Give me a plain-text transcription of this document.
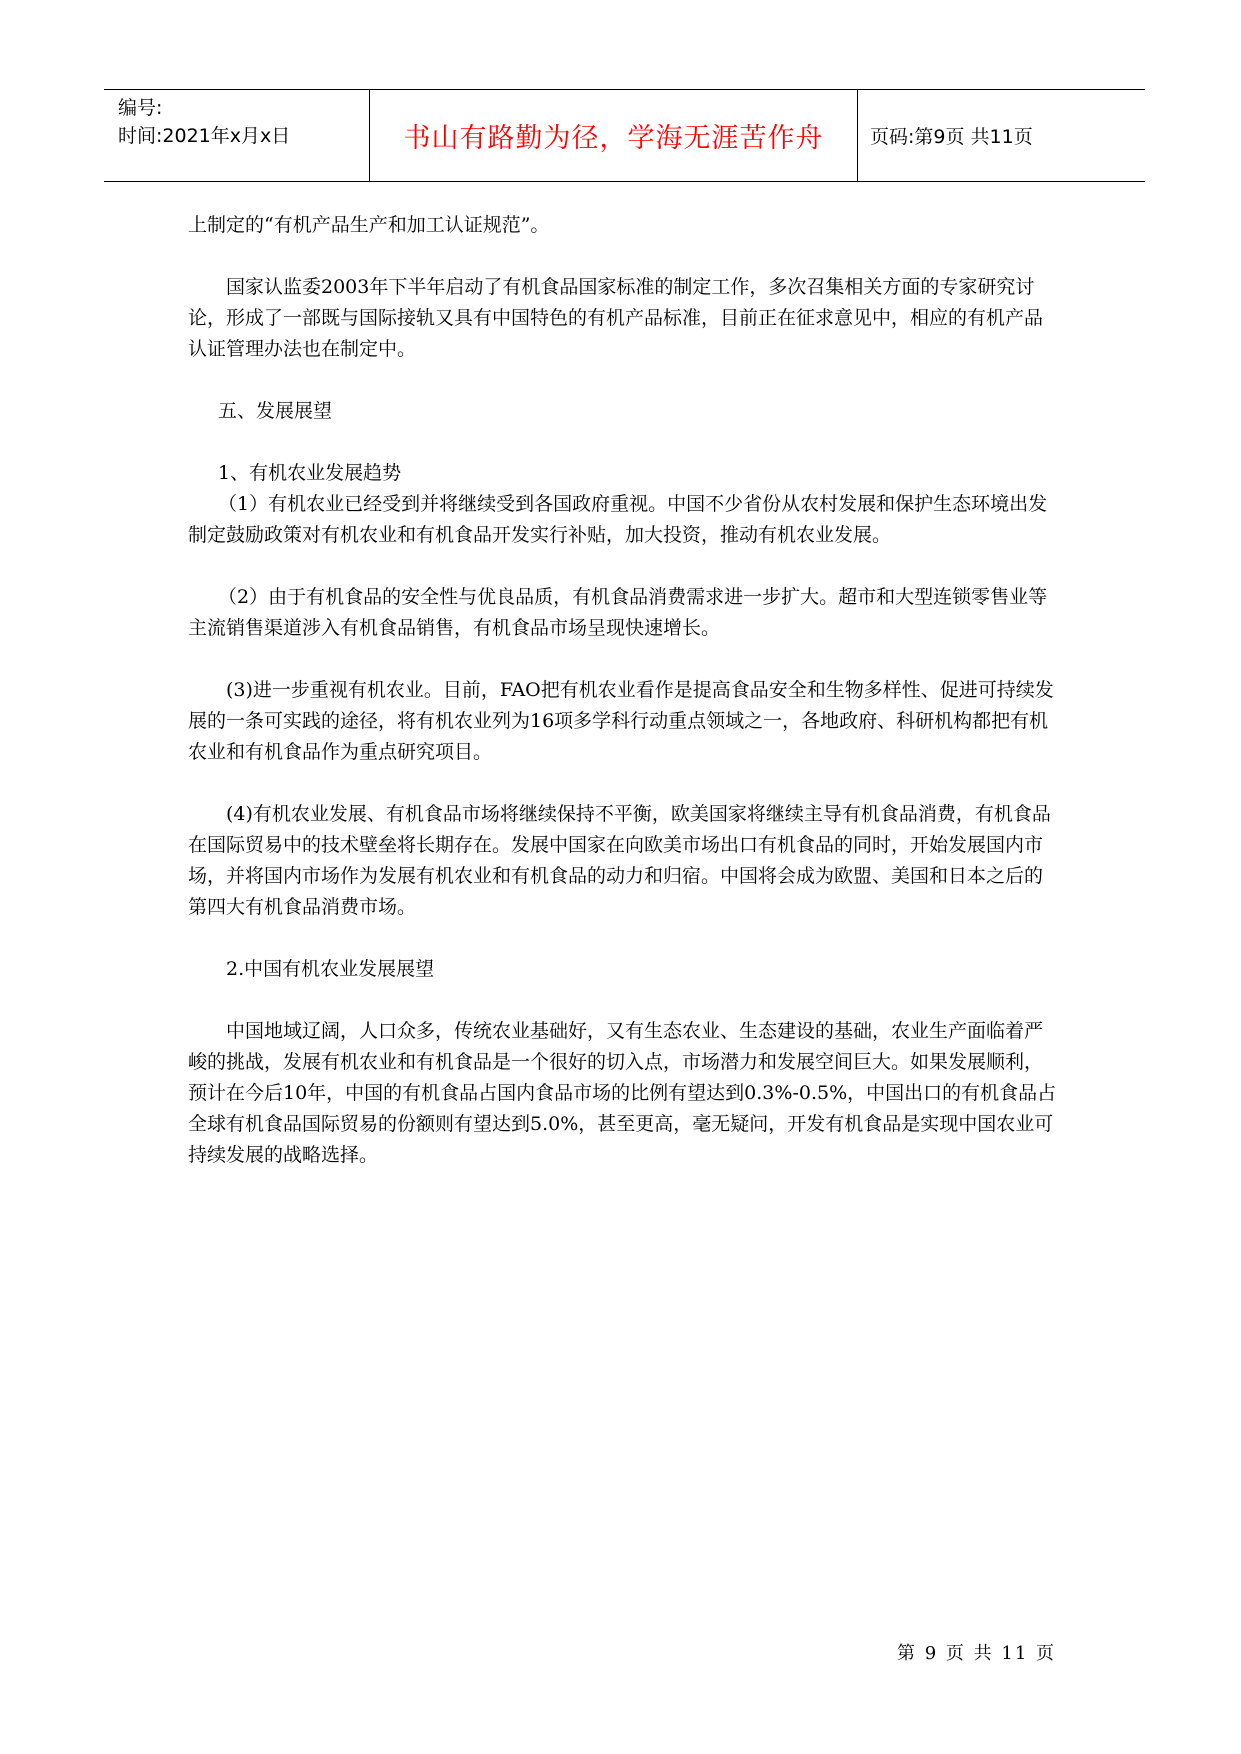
编号:
时间:2021年x月x日	书山有路勤为径，学海无涯苦作舟	页码:第9页 共11页

上制定的“有机产品生产和加工认证规范”。

国家认监委2003年下半年启动了有机食品国家标准的制定工作，多次召集相关方面的专家研究讨论，形成了一部既与国际接轨又具有中国特色的有机产品标准，目前正在征求意见中，相应的有机产品认证管理办法也在制定中。

五、发展展望

1、有机农业发展趋势

（1）有机农业已经受到并将继续受到各国政府重视。中国不少省份从农村发展和保护生态环境出发制定鼓励政策对有机农业和有机食品开发实行补贴，加大投资，推动有机农业发展。

（2）由于有机食品的安全性与优良品质，有机食品消费需求进一步扩大。超市和大型连锁零售业等主流销售渠道涉入有机食品销售，有机食品市场呈现快速增长。

(3)进一步重视有机农业。目前，FAO把有机农业看作是提高食品安全和生物多样性、促进可持续发展的一条可实践的途径，将有机农业列为16项多学科行动重点领域之一，各地政府、科研机构都把有机农业和有机食品作为重点研究项目。

(4)有机农业发展、有机食品市场将继续保持不平衡，欧美国家将继续主导有机食品消费，有机食品在国际贸易中的技术壁垒将长期存在。发展中国家在向欧美市场出口有机食品的同时，开始发展国内市场，并将国内市场作为发展有机农业和有机食品的动力和归宿。中国将会成为欧盟、美国和日本之后的第四大有机食品消费市场。

2.中国有机农业发展展望

中国地域辽阔，人口众多，传统农业基础好，又有生态农业、生态建设的基础，农业生产面临着严峻的挑战，发展有机农业和有机食品是一个很好的切入点，市场潜力和发展空间巨大。如果发展顺利，预计在今后10年，中国的有机食品占国内食品市场的比例有望达到0.3%-0.5%，中国出口的有机食品占全球有机食品国际贸易的份额则有望达到5.0%，甚至更高，毫无疑问，开发有机食品是实现中国农业可持续发展的战略选择。

第 9 页 共 11 页
